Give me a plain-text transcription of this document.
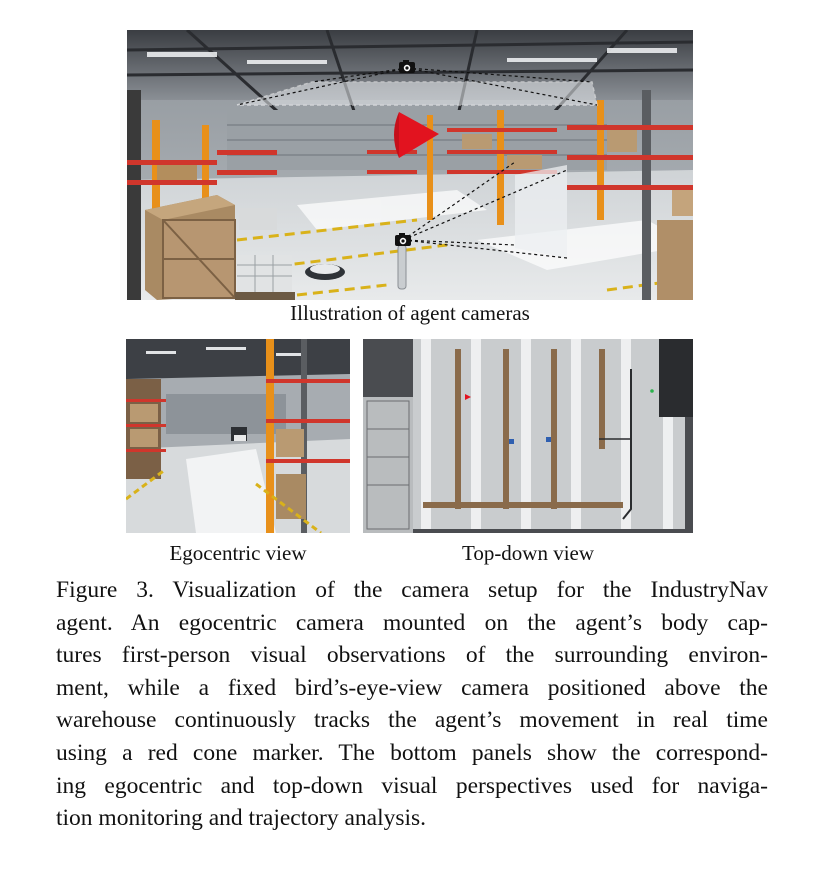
Illustration of agent cameras
Egocentric view	Top-down view
Figure 3. Visualization of the camera setup for the IndustryNav
agent. An egocentric camera mounted on the agent’s body cap-
tures first-person visual observations of the surrounding environ-
ment, while a fixed bird’s-eye-view camera positioned above the
warehouse continuously tracks the agent’s movement in real time
using a red cone marker. The bottom panels show the correspond-
ing egocentric and top-down visual perspectives used for naviga-
tion monitoring and trajectory analysis.
